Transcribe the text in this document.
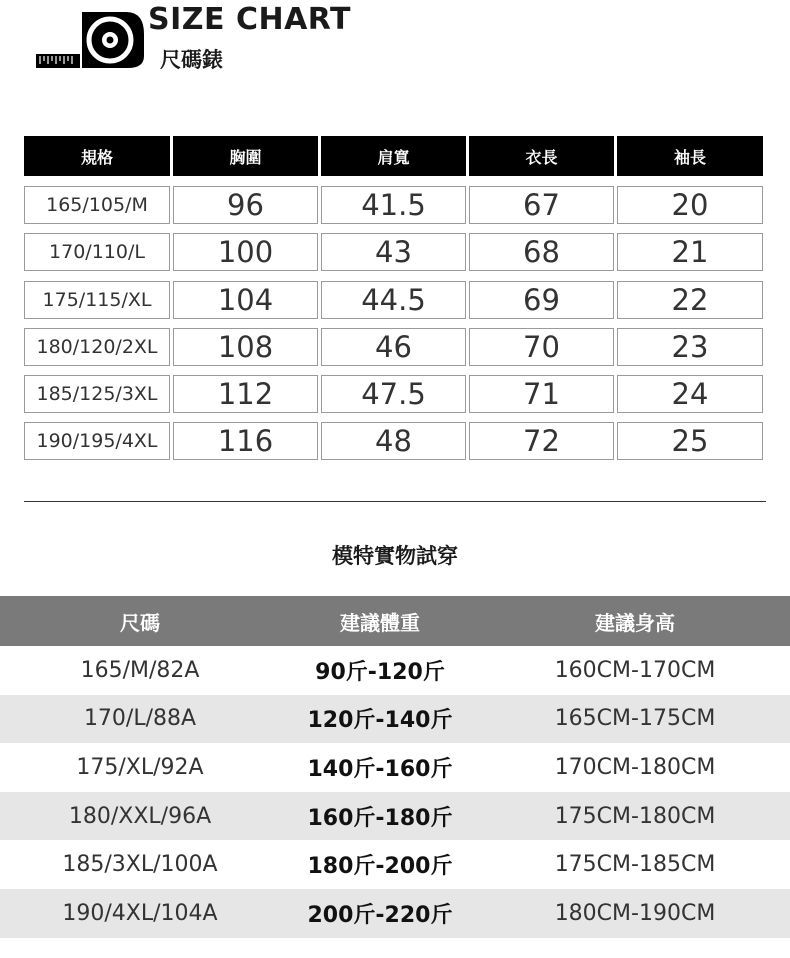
SIZE CHART
尺碼錶
規格	胸圍	肩寬	衣長	袖長
165/105/M	96	41.5	67	20
170/110/L	100	43	68	21
175/115/XL	104	44.5	69	22
180/120/2XL	108	46	70	23
185/125/3XL	112	47.5	71	24
190/195/4XL	116	48	72	25
模特實物試穿
尺碼	建議體重	建議身高
165/M/82A	90斤-120斤	160CM-170CM
170/L/88A	120斤-140斤	165CM-175CM
175/XL/92A	140斤-160斤	170CM-180CM
180/XXL/96A	160斤-180斤	175CM-180CM
185/3XL/100A	180斤-200斤	175CM-185CM
190/4XL/104A	200斤-220斤	180CM-190CM
